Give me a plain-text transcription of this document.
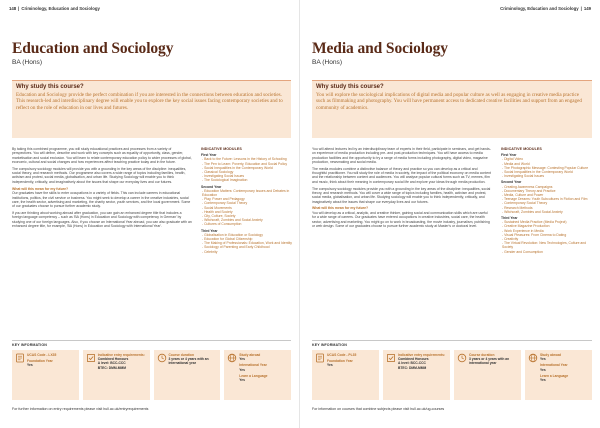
148 | Criminology, Education and Sociology
Education and Sociology
BA (Hons)
Why study this course?

Education and Sociology provide the perfect combination if you are interested in the connections between education and societies. This research-led and interdisciplinary degree will enable you to explore the key social issues facing contemporary societies and to reflect on the role of education in our lives and futures.

By taking this combined programme, you will study educational practices and processes from a variety of perspectives. You will define, describe and work with key concepts such as equality of opportunity, class, gender, marketisation and social exclusion. You will learn to relate contemporary education policy to wider processes of global, economic, cultural and social changes and how experiences affect teaching practice today and in the future.

The compulsory sociology modules will provide you with a grounding in the key areas of the discipline: inequalities, social theory, and research methods. Our programme also covers a wide range of topics including families, health, activism and protest, social media, globalisation, and urban life. Studying Sociology will enable you to think independently, critically, and imaginatively about the issues that shape our everyday lives and our futures.

What will this mean for my future?

Our graduates have the skills to enter occupations in a variety of fields. This can include careers in educational institutions, politics, the civil service or business. You might seek to develop a career in the creative industries, social care, the health sector, advertising and marketing, the charity sector, youth services, and the local government. Some of our graduates choose to pursue further academic study.

If you are thinking about working abroad after graduation, you can gain an enhanced degree title that includes a foreign language competency – such as 'BA (Hons) in Education and Sociology with competency in German' by studying one of our foreign languages. Also, if you choose an International Year abroad, you can also graduate with an enhanced degree title, for example, 'BA (Hons) in Education and Sociology with International Year'.

INDICATIVE MODULES
First Year
- Back to the Future: Lessons in the History of Schooling
- The Pen to Learn: Poverty, Education and Social Policy
- Social Inequalities in the Contemporary World
- Classical Sociology
- Investigating Social Issues
- The Sociological Imagination
Second Year
- Education Matters: Contemporary Issues and Debates in Education
- Play, Power and Pedagogy
- Contemporary Social Theory
- Social Movements
- Health and Society
- City, Culture, Society
- Witchcraft, Zombies and Social Anxiety
- Cultures of Consumption
Third Year
- Globalisation in Education or Sociology
- Education for Global Citizenship
- The Making of Professionals: Education, Work and Identity
- Sociology of Parenting and Early Childhood
- Celebrity
KEY INFORMATION
UCAS Code - LX35
Foundation Year
Yes
Indicative entry requirements:
Combined Honours
A level: BCC-CCC
BTEC: DMM-MMM
Course duration
3 years or 4 years with an international year
Study abroad
Yes
International Year
Yes
Learn a Language
Yes
For further information on entry requirements please visit hull.ac.uk/entryrequirements
Criminology, Education and Sociology | 149
Media and Sociology
BA (Hons)
Why study this course?

You will explore the sociological implications of digital media and popular culture as well as engaging in creative media practice such as filmmaking and photography. You will have permanent access to dedicated creative facilities and support from an engaged community of academics.

You will attend lectures led by an interdisciplinary team of experts in their field, participate in seminars, and get hands-on experience of media production including pre- and post-production techniques. You will have access to media production facilities and the opportunity to try a range of media forms including photography, digital video, magazine production, newsmaking and social media.

The media modules combine a distinctive balance of theory and practice so you can develop as a critical and thoughtful practitioner. You will study the role of media in society, the impact of the political economy on media content and the relationship between content and audiences. You will analyse popular cultural forms such as TV, memes, film and music, think about their meaning in contemporary social life and explore your ideas through media production.

The compulsory sociology modules provide you with a grounding in the key areas of the discipline: inequalities, social theory, and research methods. You will cover a wide range of topics including families, health, activism and protest, social media, globalisation, and urban life. Studying sociology will enable you to think independently, critically, and imaginatively about the issues that shape our everyday lives and our futures.

What will this mean for my future?

You will develop as a critical, analytic, and creative thinker, gaining social and communication skills which are useful for a wide range of careers. Our graduates have entered occupations in creative industries, social care, the health sector, advertising and marketing. You might go on to work in broadcasting, the movie industry, journalism, publishing or web design. Some of our graduates choose to pursue further academic study at Master's or doctoral level.

INDICATIVE MODULES
First Year
- Digital Video
- Media and World
- The Photographic Message: Contesting Popular Culture
- Social Inequalities in the Contemporary World
- Investigating Social Issues
Second Year
- Creating Awareness Campaigns
- Documentary Theory and Practice
- Media, Culture and Power
- Teenage Dreams: Youth Subcultures in Fiction and Film
- Contemporary Social Theory
- Research Methods
- Witchcraft, Zombies and Social Anxiety
Third Year
- Sustained Media Practice (Media Project)
- Creative Magazine Production
- Work Experience in Media
- Visual Pleasures: From Cinema to Dating
- Creativity
- The Virtual Revolution: New Technologies, Culture and Society
- Gender and Consumption
KEY INFORMATION
UCAS Code - PL35
Foundation Year
Yes
Indicative entry requirements:
Combined Honours
A level: BCC-CCC
BTEC: DMM-MMM
Course duration
3 years or 4 years with an international year
Study abroad
Yes
International Year
Yes
Learn a Language
Yes
For information on courses that combine subjects please visit hull.ac.uk/ug-courses
